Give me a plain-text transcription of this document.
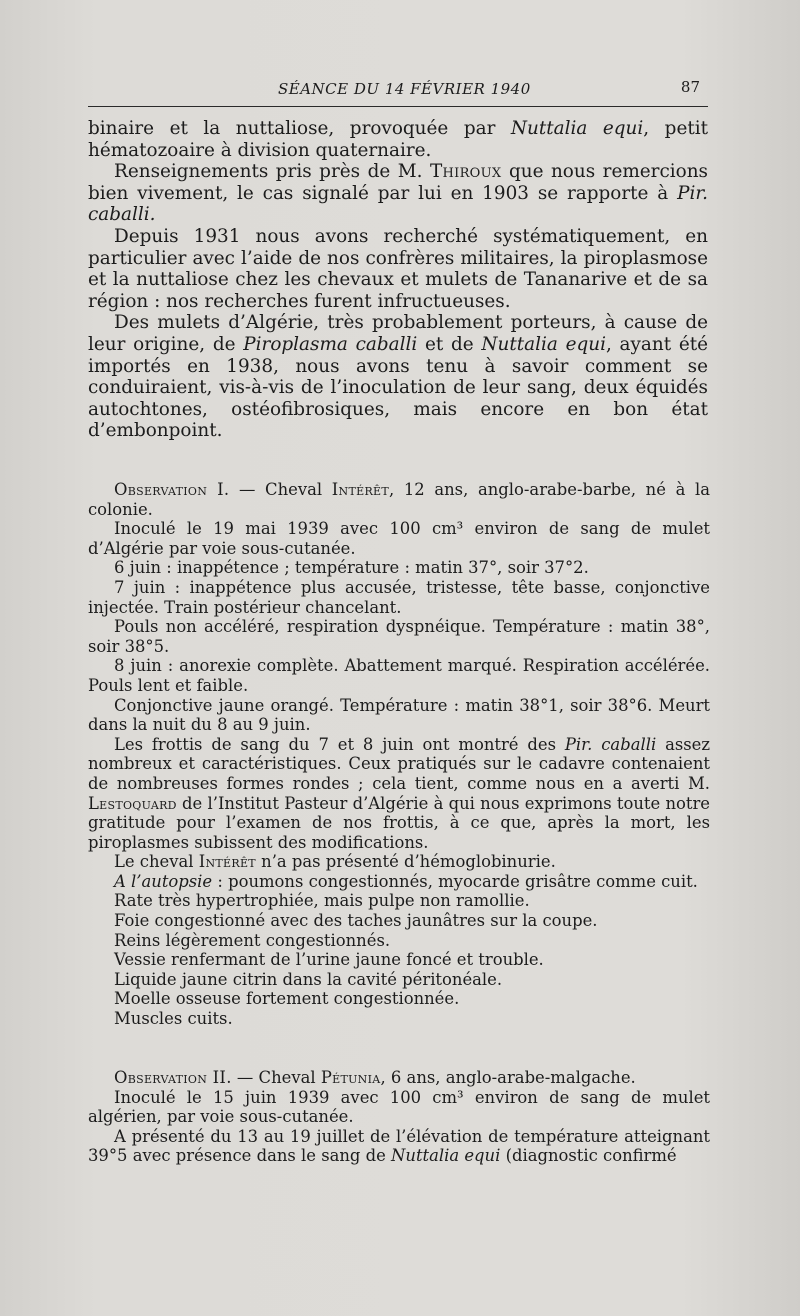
SÉANCE DU 14 FÉVRIER 1940	87

binaire et la nuttaliose, provoquée par Nuttalia equi, petit hématozoaire à division quaternaire.

Renseignements pris près de M. Thiroux que nous remercions bien vivement, le cas signalé par lui en 1903 se rapporte à Pir. caballi.

Depuis 1931 nous avons recherché systématiquement, en particulier avec l’aide de nos confrères militaires, la piroplasmose et la nuttaliose chez les chevaux et mulets de Tananarive et de sa région : nos recherches furent infructueuses.

Des mulets d’Algérie, très probablement porteurs, à cause de leur origine, de Piroplasma caballi et de Nuttalia equi, ayant été importés en 1938, nous avons tenu à savoir comment se conduiraient, vis-à-vis de l’inoculation de leur sang, deux équidés autochtones, ostéofibrosiques, mais encore en bon état d’embonpoint.

Observation I. — Cheval Intérêt, 12 ans, anglo-arabe-barbe, né à la colonie.

Inoculé le 19 mai 1939 avec 100 cm³ environ de sang de mulet d’Algérie par voie sous-cutanée.

6 juin : inappétence ; température : matin 37°, soir 37°2.

7 juin : inappétence plus accusée, tristesse, tête basse, conjonctive injectée. Train postérieur chancelant.

Pouls non accéléré, respiration dyspnéique. Température : matin 38°, soir 38°5.

8 juin : anorexie complète. Abattement marqué. Respiration accélérée. Pouls lent et faible.

Conjonctive jaune orangé. Température : matin 38°1, soir 38°6. Meurt dans la nuit du 8 au 9 juin.

Les frottis de sang du 7 et 8 juin ont montré des Pir. caballi assez nombreux et caractéristiques. Ceux pratiqués sur le cadavre contenaient de nombreuses formes rondes ; cela tient, comme nous en a averti M. Lestoquard de l’Institut Pasteur d’Algérie à qui nous exprimons toute notre gratitude pour l’examen de nos frottis, à ce que, après la mort, les piroplasmes subissent des modifications.

Le cheval Intérêt n’a pas présenté d’hémoglobinurie.

A l’autopsie : poumons congestionnés, myocarde grisâtre comme cuit.

Rate très hypertrophiée, mais pulpe non ramollie.

Foie congestionné avec des taches jaunâtres sur la coupe.

Reins légèrement congestionnés.

Vessie renfermant de l’urine jaune foncé et trouble.

Liquide jaune citrin dans la cavité péritonéale.

Moelle osseuse fortement congestionnée.

Muscles cuits.

Observation II. — Cheval Pétunia, 6 ans, anglo-arabe-malgache.

Inoculé le 15 juin 1939 avec 100 cm³ environ de sang de mulet algérien, par voie sous-cutanée.

A présenté du 13 au 19 juillet de l’élévation de température atteignant 39°5 avec présence dans le sang de Nuttalia equi (diagnostic confirmé
